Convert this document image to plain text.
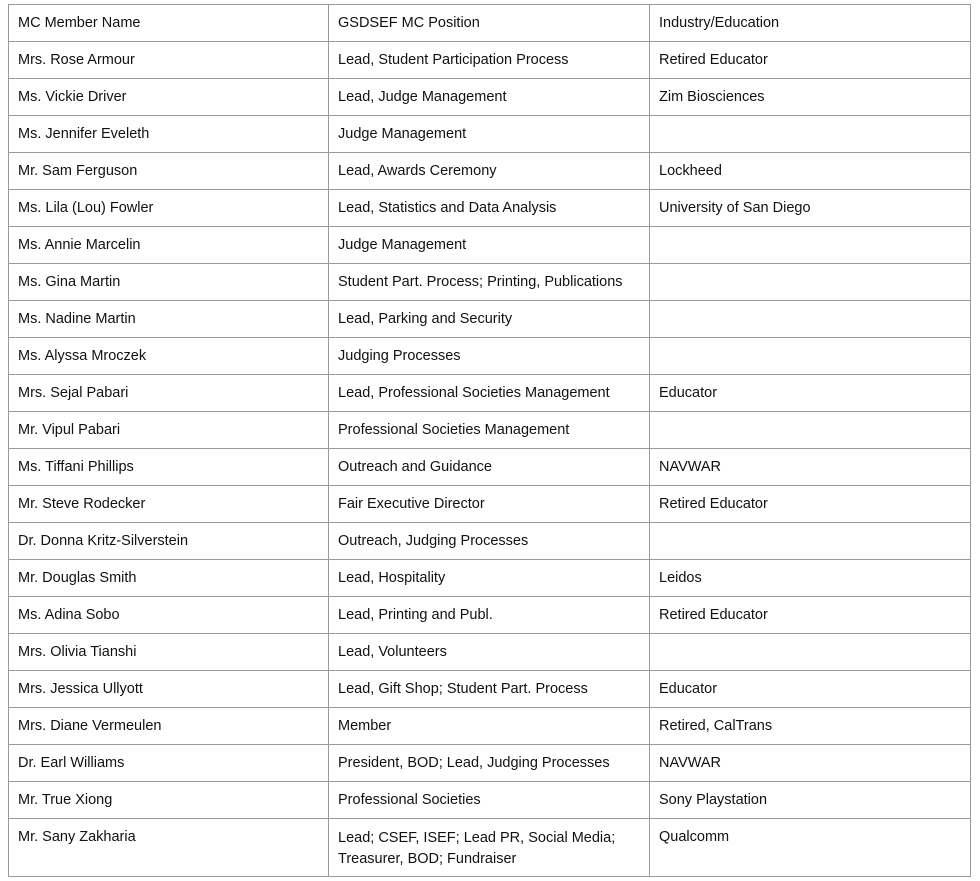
MC Member Name	GSDSEF MC Position	Industry/Education
Mrs. Rose Armour	Lead, Student Participation Process	Retired Educator
Ms. Vickie Driver	Lead, Judge Management	Zim Biosciences
Ms. Jennifer Eveleth	Judge Management	
Mr. Sam Ferguson	Lead, Awards Ceremony	Lockheed
Ms. Lila (Lou) Fowler	Lead, Statistics and Data Analysis	University of San Diego
Ms. Annie Marcelin	Judge Management	
Ms. Gina Martin	Student Part. Process; Printing, Publications	
Ms. Nadine Martin	Lead, Parking and Security	
Ms. Alyssa Mroczek	Judging Processes	
Mrs. Sejal Pabari	Lead, Professional Societies Management	Educator
Mr. Vipul Pabari	Professional Societies Management	
Ms. Tiffani Phillips	Outreach and Guidance	NAVWAR
Mr. Steve Rodecker	Fair Executive Director	Retired Educator
Dr. Donna Kritz-Silverstein	Outreach, Judging Processes	
Mr. Douglas Smith	Lead, Hospitality	Leidos
Ms. Adina Sobo	Lead, Printing and Publ.	Retired Educator
Mrs. Olivia Tianshi	Lead, Volunteers	
Mrs. Jessica Ullyott	Lead, Gift Shop; Student Part. Process	Educator
Mrs. Diane Vermeulen	Member	Retired, CalTrans
Dr. Earl Williams	President, BOD; Lead, Judging Processes	NAVWAR
Mr. True Xiong	Professional Societies	Sony Playstation
Mr. Sany Zakharia	Lead; CSEF, ISEF; Lead PR, Social Media;
Treasurer, BOD; Fundraiser	Qualcomm
